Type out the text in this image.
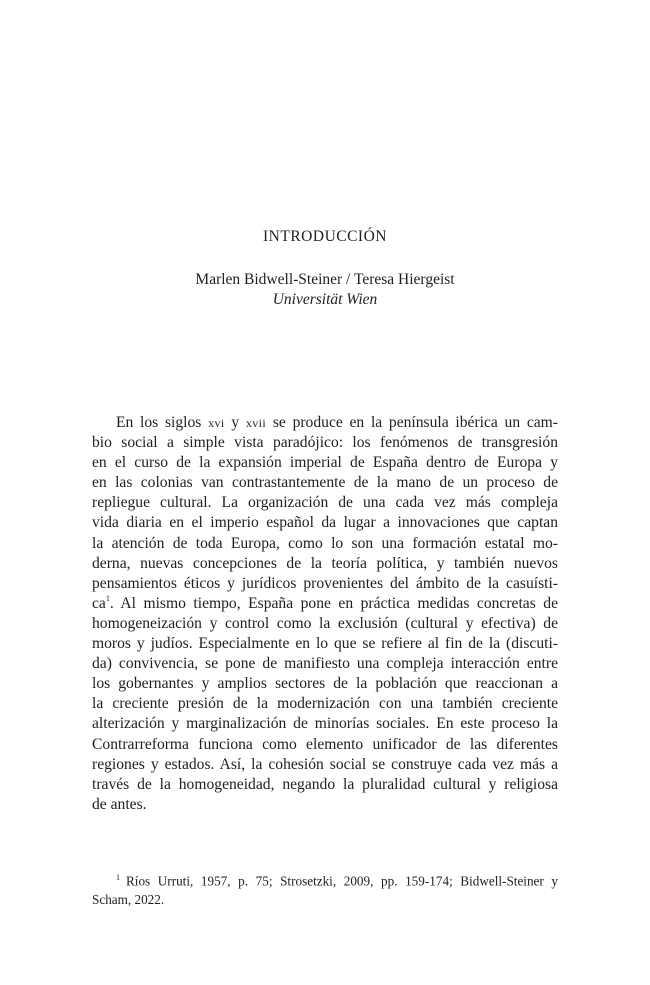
INTRODUCCIÓN
Marlen Bidwell-Steiner / Teresa Hiergeist
Universität Wien
En los siglos xvi y xvii se produce en la península ibérica un cam-
bio social a simple vista paradójico: los fenómenos de transgresión
en el curso de la expansión imperial de España dentro de Europa y
en las colonias van contrastantemente de la mano de un proceso de
repliegue cultural. La organización de una cada vez más compleja
vida diaria en el imperio español da lugar a innovaciones que captan
la atención de toda Europa, como lo son una formación estatal mo-
derna, nuevas concepciones de la teoría política, y también nuevos
pensamientos éticos y jurídicos provenientes del ámbito de la casuísti-
$ca^1$. Al mismo tiempo, España pone en práctica medidas concretas de
homogeneización y control como la exclusión (cultural y efectiva) de
moros y judíos. Especialmente en lo que se refiere al fin de la (discuti-
da) convivencia, se pone de manifiesto una compleja interacción entre
los gobernantes y amplios sectores de la población que reaccionan a
la creciente presión de la modernización con una también creciente
alterización y marginalización de minorías sociales. En este proceso la
Contrarreforma funciona como elemento unificador de las diferentes
regiones y estados. Así, la cohesión social se construye cada vez más a
través de la homogeneidad, negando la pluralidad cultural y religiosa
de antes.
$^1$ Ríos Urruti, 1957, p. 75; Strosetzki, 2009, pp. 159-174; Bidwell-Steiner y
Scham, 2022.
